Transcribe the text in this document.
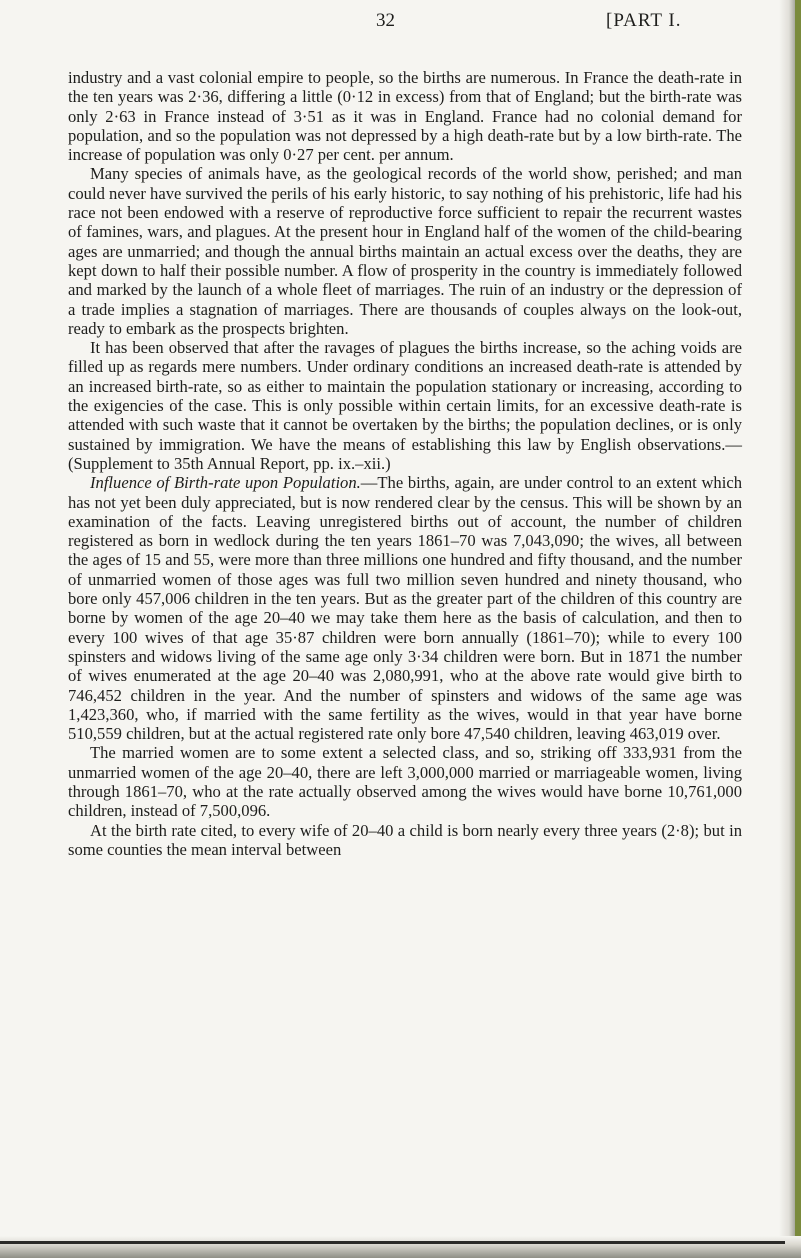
32	[PART I.

industry and a vast colonial empire to people, so the births are numerous. In France the death-rate in the ten years was 2·36, differing a little (0·12 in excess) from that of England; but the birth-rate was only 2·63 in France instead of 3·51 as it was in England. France had no colonial demand for population, and so the population was not depressed by a high death-rate but by a low birth-rate. The increase of population was only 0·27 per cent. per annum.

Many species of animals have, as the geological records of the world show, perished; and man could never have survived the perils of his early historic, to say nothing of his prehistoric, life had his race not been endowed with a reserve of reproductive force sufficient to repair the recurrent wastes of famines, wars, and plagues. At the present hour in England half of the women of the child-bearing ages are unmarried; and though the annual births maintain an actual excess over the deaths, they are kept down to half their possible number. A flow of prosperity in the country is immediately followed and marked by the launch of a whole fleet of marriages. The ruin of an industry or the depression of a trade implies a stagnation of marriages. There are thousands of couples always on the look-out, ready to embark as the prospects brighten.

It has been observed that after the ravages of plagues the births increase, so the aching voids are filled up as regards mere numbers. Under ordinary conditions an increased death-rate is attended by an increased birth-rate, so as either to maintain the population stationary or increasing, according to the exigencies of the case. This is only possible within certain limits, for an excessive death-rate is attended with such waste that it cannot be overtaken by the births; the population declines, or is only sustained by immigration. We have the means of establishing this law by English observations.—(Supplement to 35th Annual Report, pp. ix.–xii.)

Influence of Birth-rate upon Population.—The births, again, are under control to an extent which has not yet been duly appreciated, but is now rendered clear by the census. This will be shown by an examination of the facts. Leaving unregistered births out of account, the number of children registered as born in wedlock during the ten years 1861–70 was 7,043,090; the wives, all between the ages of 15 and 55, were more than three millions one hundred and fifty thousand, and the number of unmarried women of those ages was full two million seven hundred and ninety thousand, who bore only 457,006 children in the ten years. But as the greater part of the children of this country are borne by women of the age 20–40 we may take them here as the basis of calculation, and then to every 100 wives of that age 35·87 children were born annually (1861–70); while to every 100 spinsters and widows living of the same age only 3·34 children were born. But in 1871 the number of wives enumerated at the age 20–40 was 2,080,991, who at the above rate would give birth to 746,452 children in the year. And the number of spinsters and widows of the same age was 1,423,360, who, if married with the same fertility as the wives, would in that year have borne 510,559 children, but at the actual registered rate only bore 47,540 children, leaving 463,019 over.

The married women are to some extent a selected class, and so, striking off 333,931 from the unmarried women of the age 20–40, there are left 3,000,000 married or marriageable women, living through 1861–70, who at the rate actually observed among the wives would have borne 10,761,000 children, instead of 7,500,096.

At the birth rate cited, to every wife of 20–40 a child is born nearly every three years (2·8); but in some counties the mean interval between
